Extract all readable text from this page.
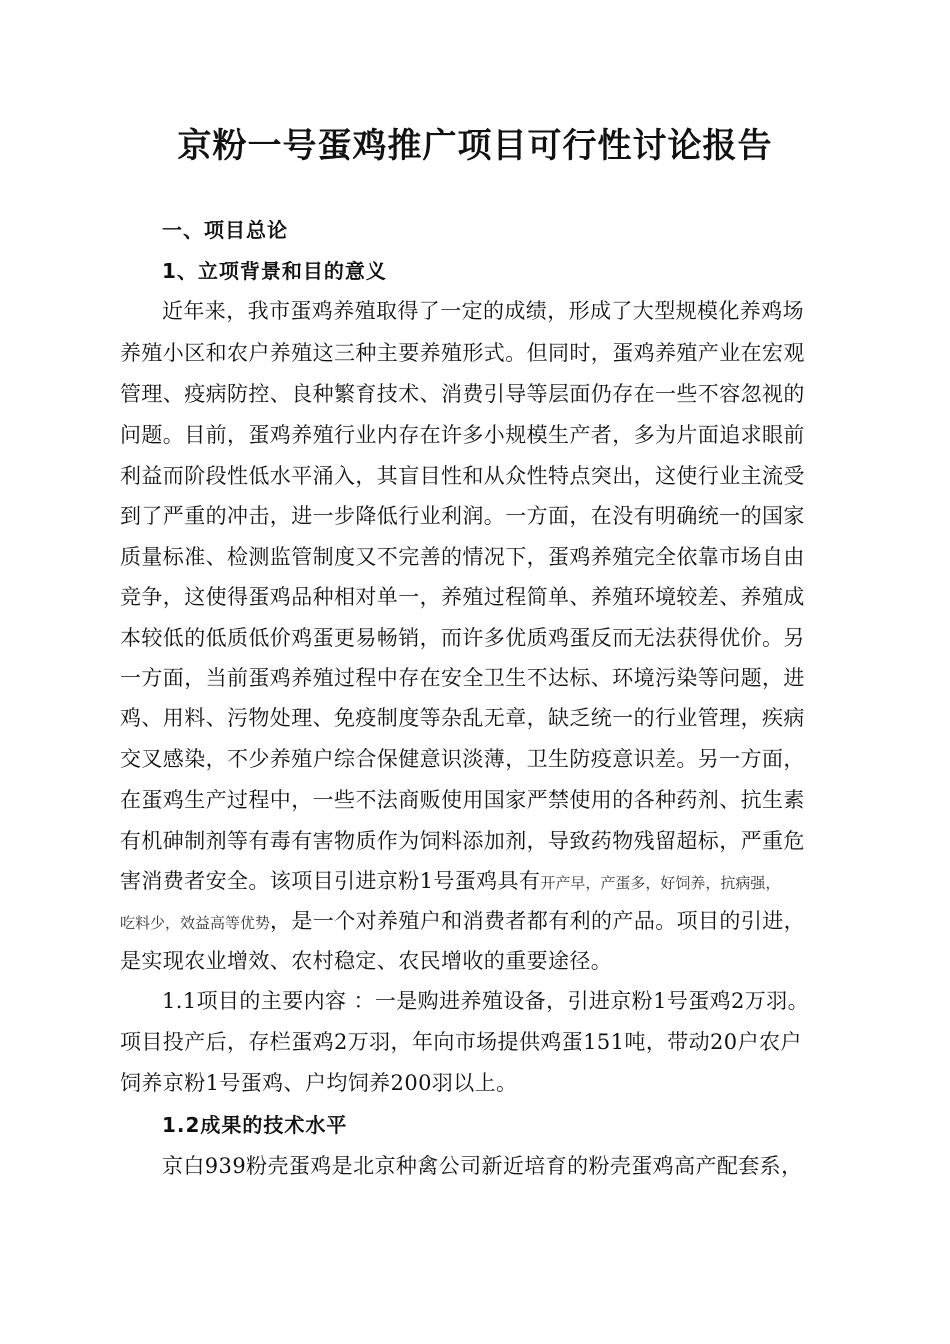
京粉一号蛋鸡推广项目可行性讨论报告
一、项目总论
1、立项背景和目的意义
近年来，我市蛋鸡养殖取得了一定的成绩，形成了大型规模化养鸡场
养殖小区和农户养殖这三种主要养殖形式。但同时，蛋鸡养殖产业在宏观
管理、疫病防控、良种繁育技术、消费引导等层面仍存在一些不容忽视的
问题。目前，蛋鸡养殖行业内存在许多小规模生产者，多为片面追求眼前
利益而阶段性低水平涌入，其盲目性和从众性特点突出，这使行业主流受
到了严重的冲击，进一步降低行业利润。一方面，在没有明确统一的国家
质量标准、检测监管制度又不完善的情况下，蛋鸡养殖完全依靠市场自由
竞争，这使得蛋鸡品种相对单一，养殖过程简单、养殖环境较差、养殖成
本较低的低质低价鸡蛋更易畅销，而许多优质鸡蛋反而无法获得优价。另
一方面，当前蛋鸡养殖过程中存在安全卫生不达标、环境污染等问题，进
鸡、用料、污物处理、免疫制度等杂乱无章，缺乏统一的行业管理，疾病
交叉感染，不少养殖户综合保健意识淡薄，卫生防疫意识差。另一方面，
在蛋鸡生产过程中，一些不法商贩使用国家严禁使用的各种药剂、抗生素
有机砷制剂等有毒有害物质作为饲料添加剂，导致药物残留超标，严重危
害消费者安全。该项目引进京粉1号蛋鸡具有开产早，产蛋多，好饲养，抗病强，
吃料少，效益高等优势，是一个对养殖户和消费者都有利的产品。项目的引进，
是实现农业增效、农村稳定、农民增收的重要途径。
1.1项目的主要内容 ：一是购进养殖设备，引进京粉1号蛋鸡2万羽。
项目投产后，存栏蛋鸡2万羽，年向市场提供鸡蛋151吨，带动20户农户
饲养京粉1号蛋鸡、户均饲养200羽以上。
1.2成果的技术水平
京白939粉壳蛋鸡是北京种禽公司新近培育的粉壳蛋鸡高产配套系，
